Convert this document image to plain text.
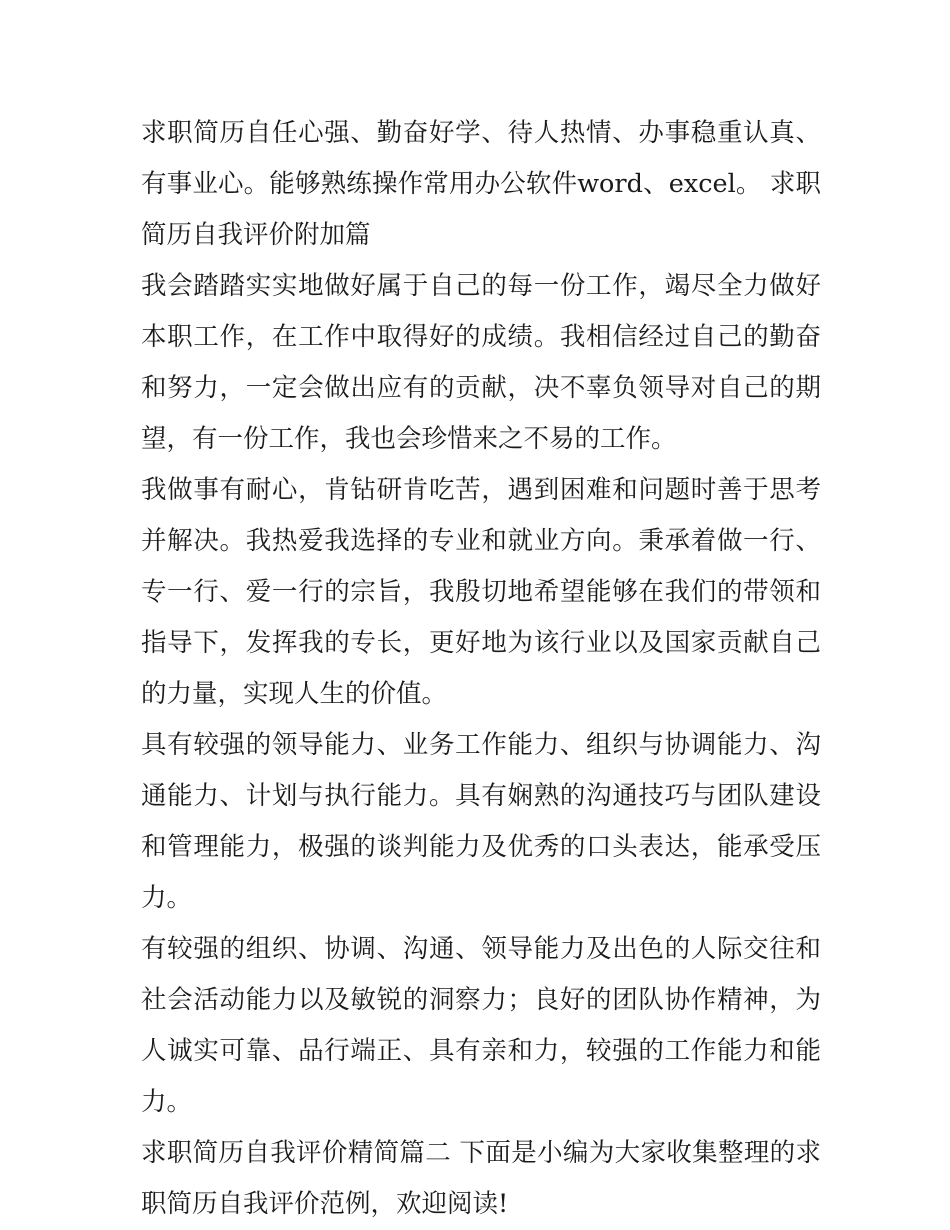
求职简历自任心强、勤奋好学、待人热情、办事稳重认真、有事业心。能够熟练操作常用办公软件word、excel。 求职简历自我评价附加篇

我会踏踏实实地做好属于自己的每一份工作，竭尽全力做好本职工作，在工作中取得好的成绩。我相信经过自己的勤奋和努力，一定会做出应有的贡献，决不辜负领导对自己的期望，有一份工作，我也会珍惜来之不易的工作。

我做事有耐心，肯钻研肯吃苦，遇到困难和问题时善于思考并解决。我热爱我选择的专业和就业方向。秉承着做一行、专一行、爱一行的宗旨，我殷切地希望能够在我们的带领和指导下，发挥我的专长，更好地为该行业以及国家贡献自己的力量，实现人生的价值。

具有较强的领导能力、业务工作能力、组织与协调能力、沟通能力、计划与执行能力。具有娴熟的沟通技巧与团队建设和管理能力，极强的谈判能力及优秀的口头表达，能承受压力。

有较强的组织、协调、沟通、领导能力及出色的人际交往和社会活动能力以及敏锐的洞察力；良好的团队协作精神，为人诚实可靠、品行端正、具有亲和力，较强的工作能力和能力。

求职简历自我评价精简篇二 下面是小编为大家收集整理的求职简历自我评价范例，欢迎阅读!
